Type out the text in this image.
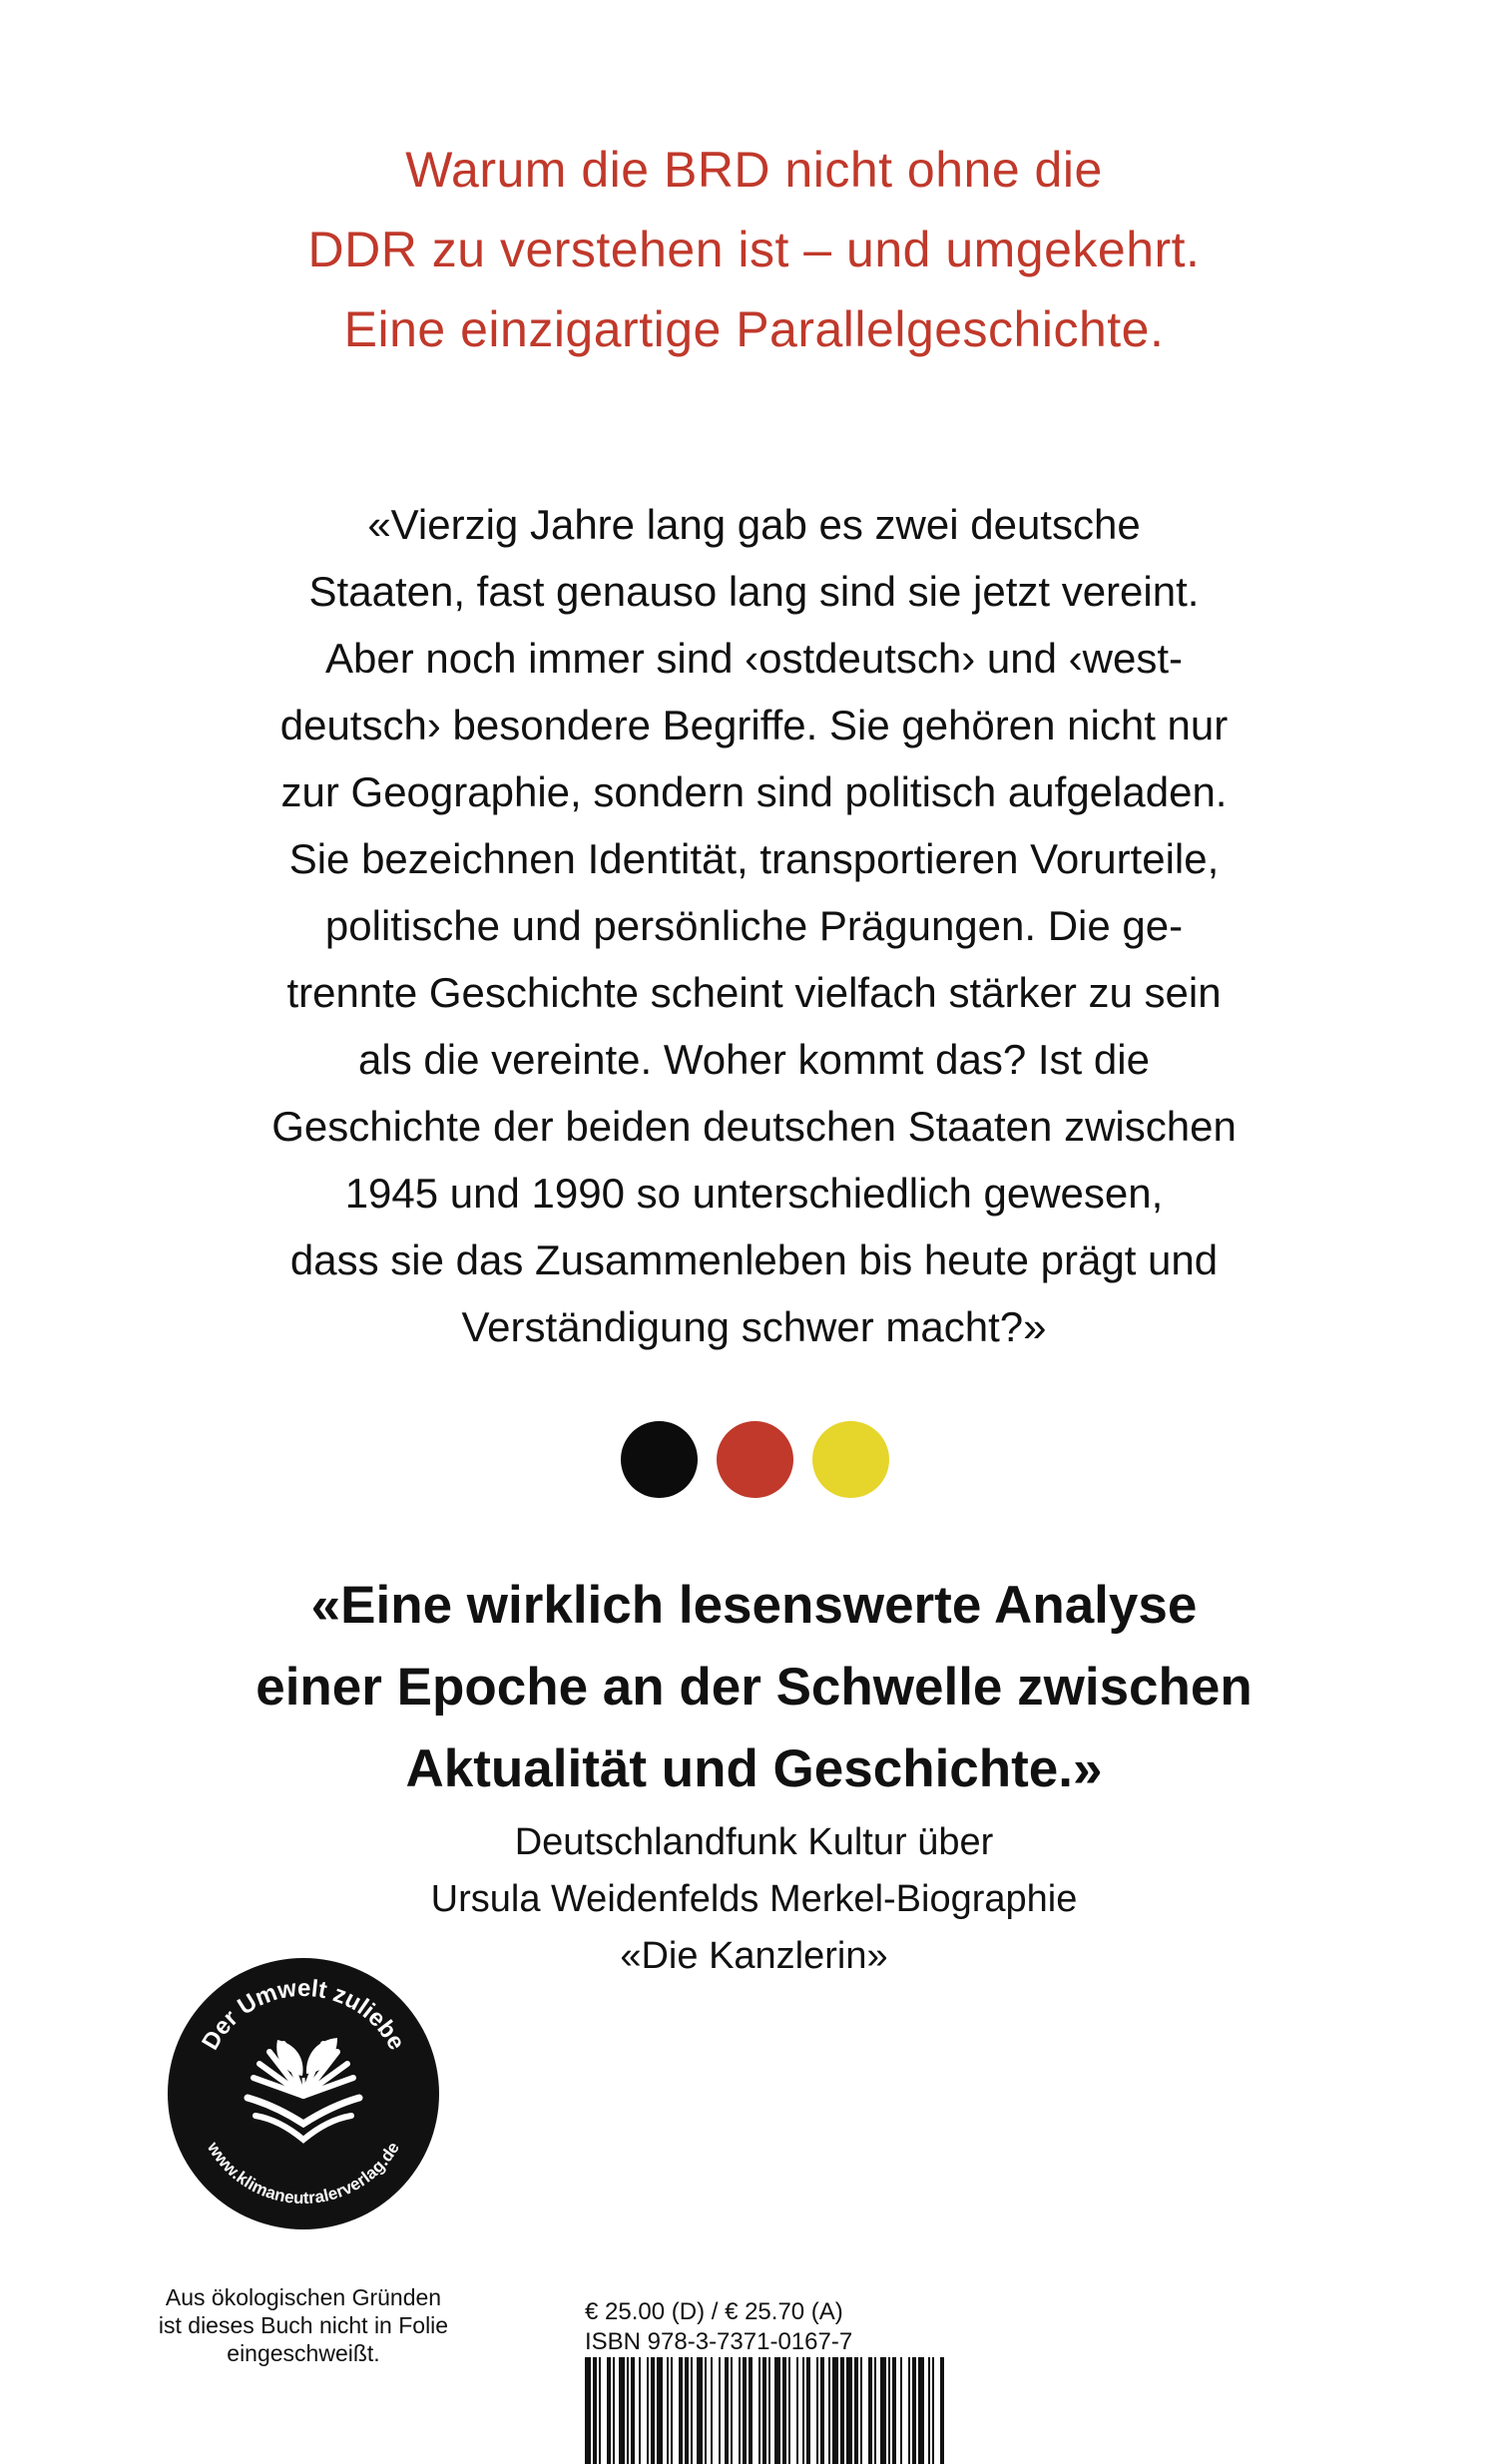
Warum die BRD nicht ohne die
DDR zu verstehen ist – und umgekehrt.
Eine einzigartige Parallelgeschichte.
«Vierzig Jahre lang gab es zwei deutsche
Staaten, fast genauso lang sind sie jetzt vereint.
Aber noch immer sind ‹ostdeutsch› und ‹west-
deutsch› besondere Begriffe. Sie gehören nicht nur
zur Geographie, sondern sind politisch aufgeladen.
Sie bezeichnen Identität, transportieren Vorurteile,
politische und persönliche Prägungen. Die ge-
trennte Geschichte scheint vielfach stärker zu sein
als die vereinte. Woher kommt das? Ist die
Geschichte der beiden deutschen Staaten zwischen
1945 und 1990 so unterschiedlich gewesen,
dass sie das Zusammenleben bis heute prägt und
Verständigung schwer macht?»
«Eine wirklich lesenswerte Analyse
einer Epoche an der Schwelle zwischen
Aktualität und Geschichte.»
Deutschlandfunk Kultur über
Ursula Weidenfelds Merkel-Biographie
«Die Kanzlerin»
Der Umwelt zuliebe
www.klimaneutralerverlag.de
Aus ökologischen Gründen
ist dieses Buch nicht in Folie
eingeschweißt.
€ 25.00 (D) / € 25.70 (A)
ISBN 978-3-7371-0167-7
